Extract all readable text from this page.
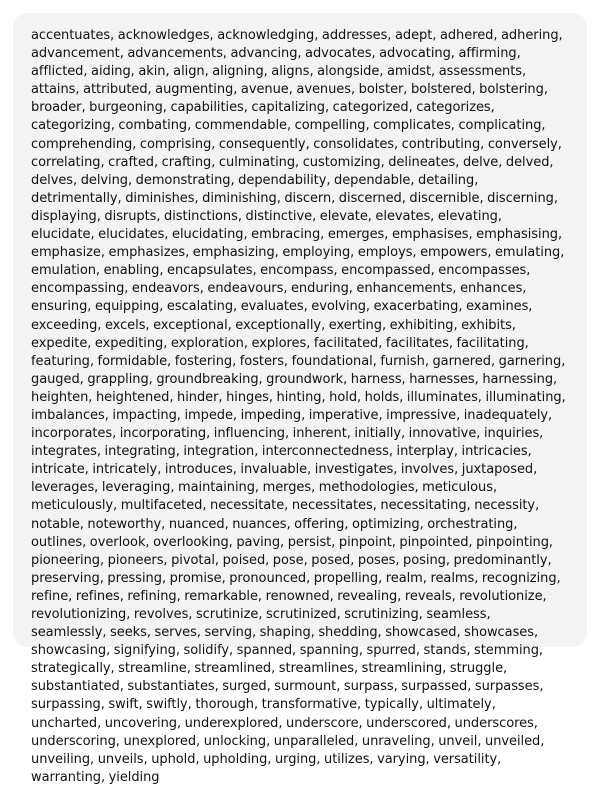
accentuates, acknowledges, acknowledging, addresses, adept, adhered, adhering, advancement, advancements, advancing, advocates, advocating, affirming, afflicted, aiding, akin, align, aligning, aligns, alongside, amidst, assessments, attains, attributed, augmenting, avenue, avenues, bolster, bolstered, bolstering, broader, burgeoning, capabilities, capitalizing, categorized, categorizes, categorizing, combating, commendable, compelling, complicates, complicating, comprehending, comprising, consequently, consolidates, contributing, conversely, correlating, crafted, crafting, culminating, customizing, delineates, delve, delved, delves, delving, demonstrating, dependability, dependable, detailing, detrimentally, diminishes, diminishing, discern, discerned, discernible, discerning, displaying, disrupts, distinctions, distinctive, elevate, elevates, elevating, elucidate, elucidates, elucidating, embracing, emerges, emphasises, emphasising, emphasize, emphasizes, emphasizing, employing, employs, empowers, emulating, emulation, enabling, encapsulates, encompass, encompassed, encompasses, encompassing, endeavors, endeavours, enduring, enhancements, enhances, ensuring, equipping, escalating, evaluates, evolving, exacerbating, examines, exceeding, excels, exceptional, exceptionally, exerting, exhibiting, exhibits, expedite, expediting, exploration, explores, facilitated, facilitates, facilitating, featuring, formidable, fostering, fosters, foundational, furnish, garnered, garnering, gauged, grappling, groundbreaking, groundwork, harness, harnesses, harnessing, heighten, heightened, hinder, hinges, hinting, hold, holds, illuminates, illuminating, imbalances, impacting, impede, impeding, imperative, impressive, inadequately, incorporates, incorporating, influencing, inherent, initially, innovative, inquiries, integrates, integrating, integration, interconnectedness, interplay, intricacies, intricate, intricately, introduces, invaluable, investigates, involves, juxtaposed, leverages, leveraging, maintaining, merges, methodologies, meticulous, meticulously, multifaceted, necessitate, necessitates, necessitating, necessity, notable, noteworthy, nuanced, nuances, offering, optimizing, orchestrating, outlines, overlook, overlooking, paving, persist, pinpoint, pinpointed, pinpointing, pioneering, pioneers, pivotal, poised, pose, posed, poses, posing, predominantly, preserving, pressing, promise, pronounced, propelling, realm, realms, recognizing, refine, refines, refining, remarkable, renowned, revealing, reveals, revolutionize, revolutionizing, revolves, scrutinize, scrutinized, scrutinizing, seamless, seamlessly, seeks, serves, serving, shaping, shedding, showcased, showcases, showcasing, signifying, solidify, spanned, spanning, spurred, stands, stemming, strategically, streamline, streamlined, streamlines, streamlining, struggle, substantiated, substantiates, surged, surmount, surpass, surpassed, surpasses, surpassing, swift, swiftly, thorough, transformative, typically, ultimately, uncharted, uncovering, underexplored, underscore, underscored, underscores, underscoring, unexplored, unlocking, unparalleled, unraveling, unveil, unveiled, unveiling, unveils, uphold, upholding, urging, utilizes, varying, versatility, warranting, yielding
